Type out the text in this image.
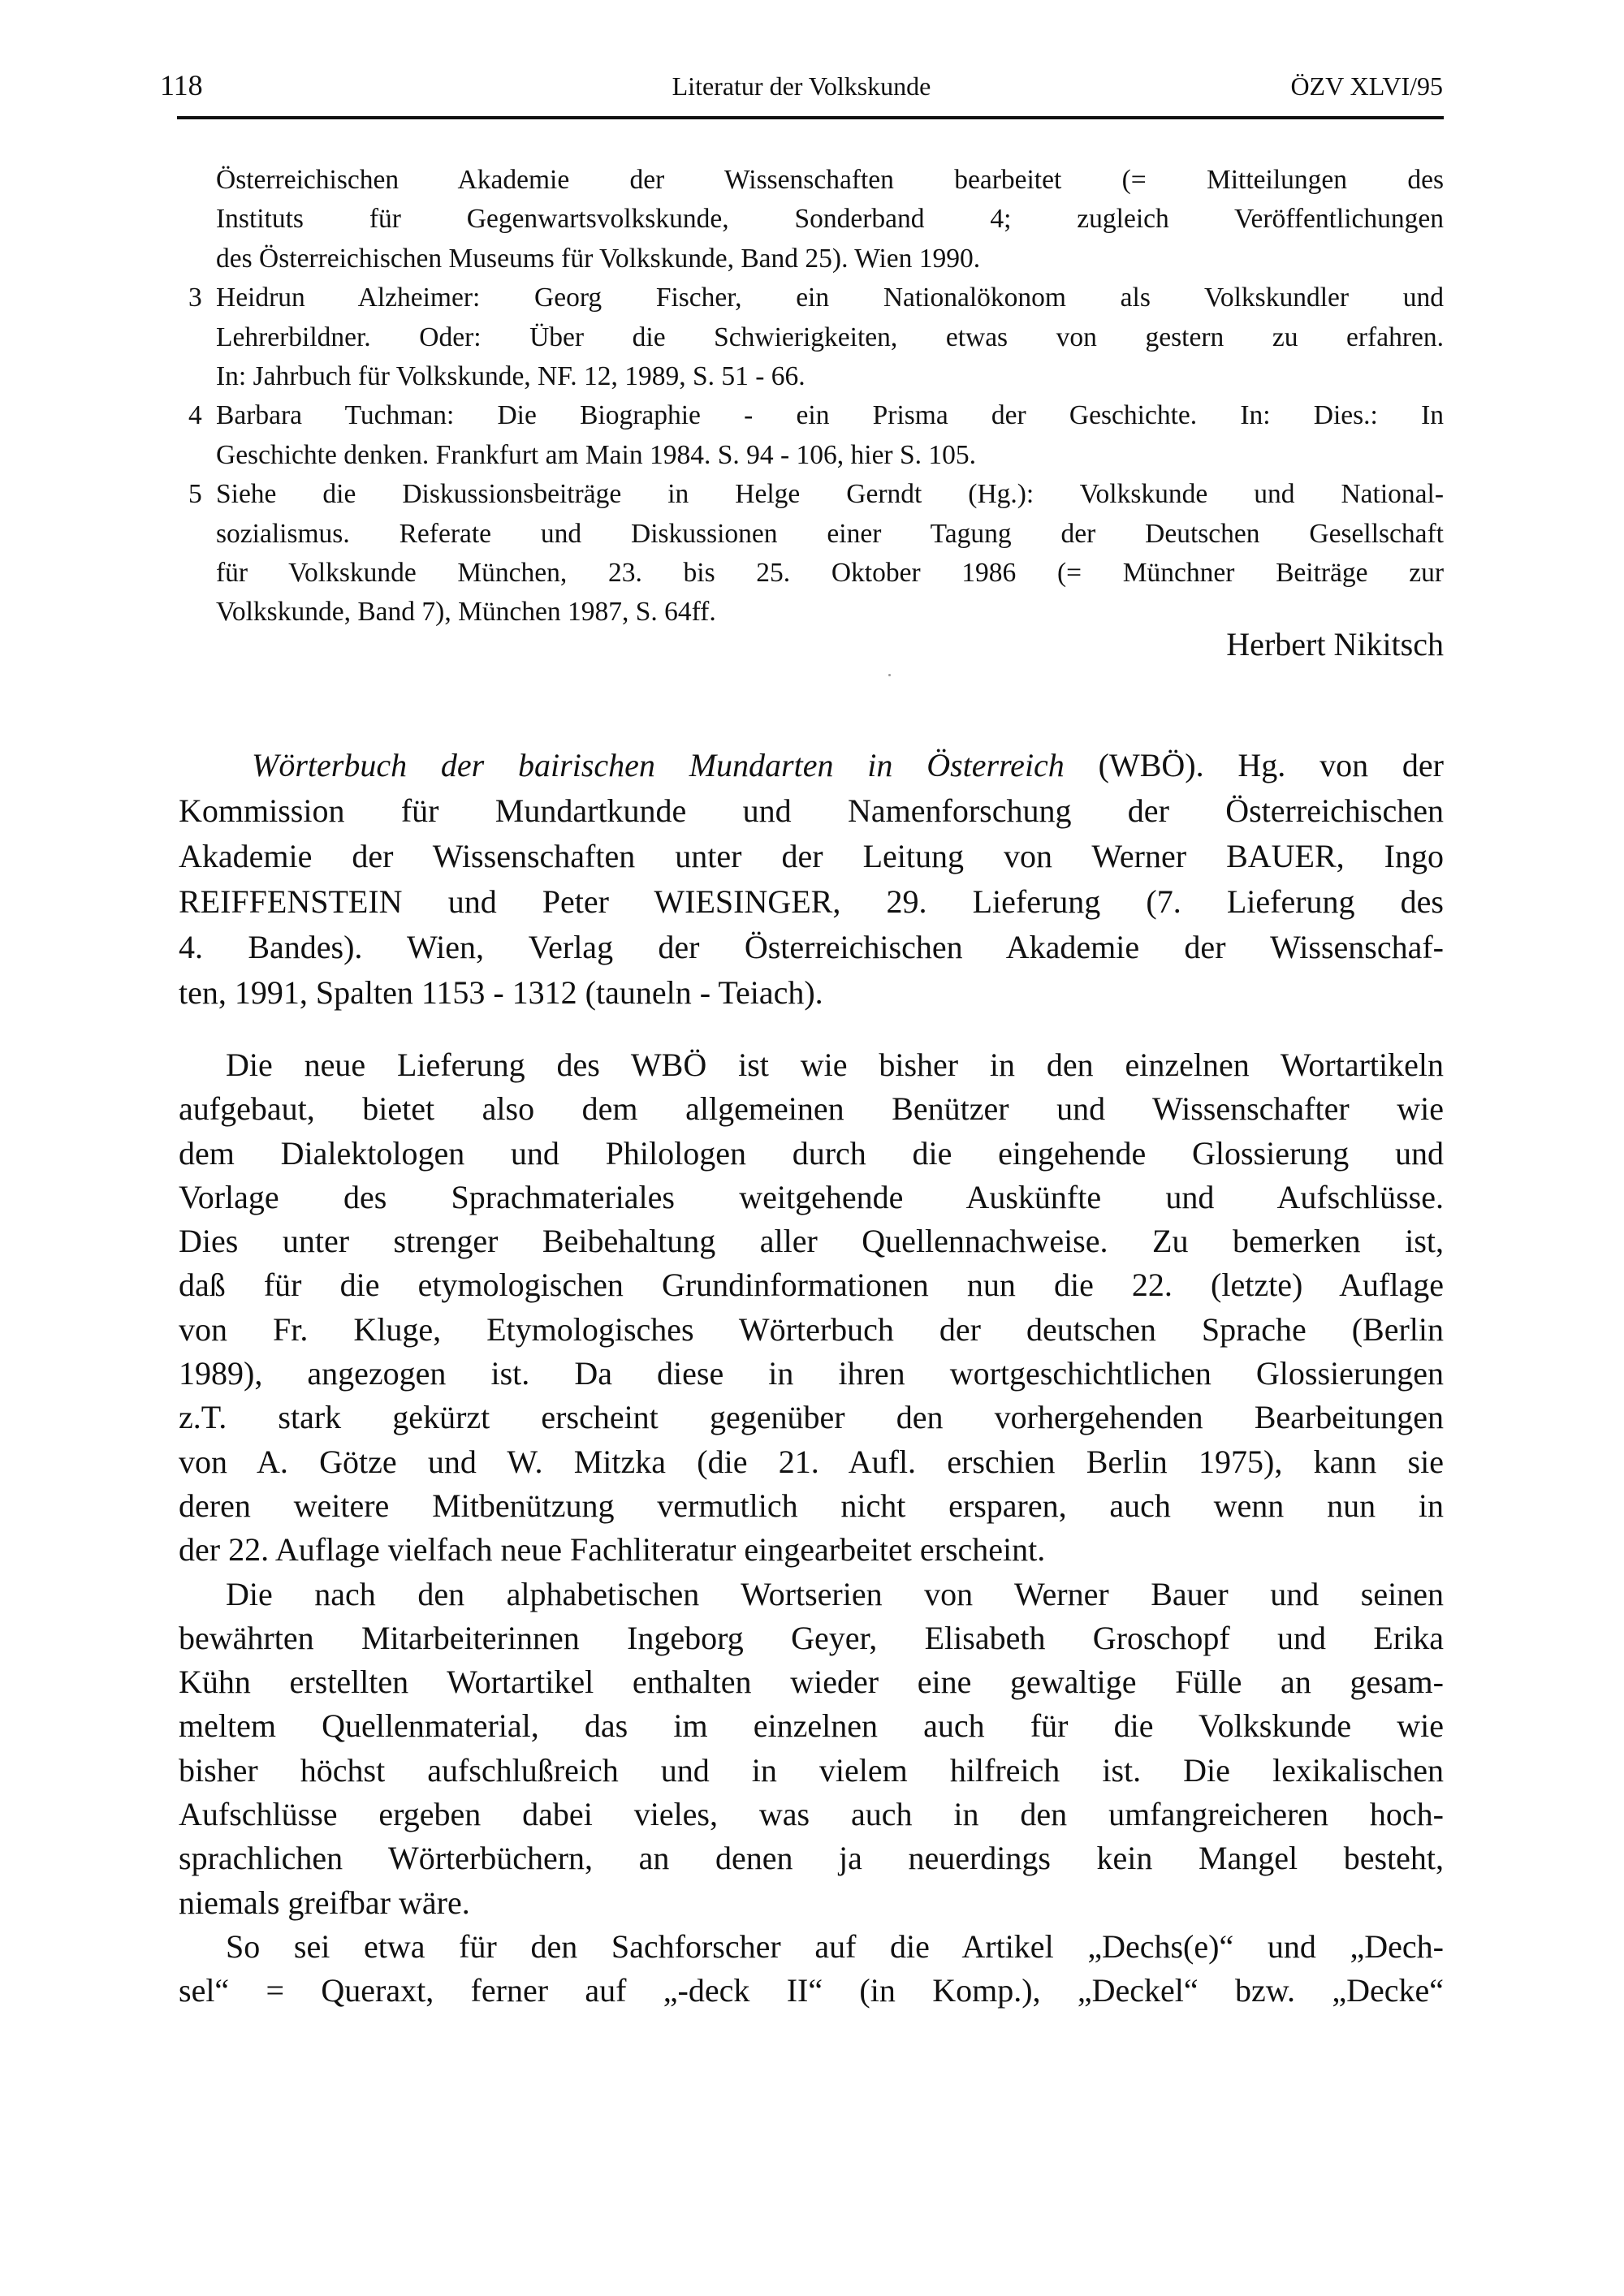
118	Literatur der Volkskunde	ÖZV XLVI/95
Österreichischen Akademie der Wissenschaften bearbeitet (= Mitteilungen des
Instituts für Gegenwartsvolkskunde, Sonderband 4; zugleich Veröffentlichungen
des Österreichischen Museums für Volkskunde, Band 25). Wien 1990.
3 Heidrun Alzheimer: Georg Fischer, ein Nationalökonom als Volkskundler und
Lehrerbildner. Oder: Über die Schwierigkeiten, etwas von gestern zu erfahren.
In: Jahrbuch für Volkskunde, NF. 12, 1989, S. 51 - 66.
4 Barbara Tuchman: Die Biographie - ein Prisma der Geschichte. In: Dies.: In
Geschichte denken. Frankfurt am Main 1984. S. 94 - 106, hier S. 105.
5 Siehe die Diskussionsbeiträge in Helge Gerndt (Hg.): Volkskunde und National-
sozialismus. Referate und Diskussionen einer Tagung der Deutschen Gesellschaft
für Volkskunde München, 23. bis 25. Oktober 1986 (= Münchner Beiträge zur
Volkskunde, Band 7), München 1987, S. 64ff.
Herbert Nikitsch
Wörterbuch der bairischen Mundarten in Österreich (WBÖ). Hg. von der
Kommission für Mundartkunde und Namenforschung der Österreichischen
Akademie der Wissenschaften unter der Leitung von Werner BAUER, Ingo
REIFFENSTEIN und Peter WIESINGER, 29. Lieferung (7. Lieferung des
4. Bandes). Wien, Verlag der Österreichischen Akademie der Wissenschaf-
ten, 1991, Spalten 1153 - 1312 (tauneln - Teiach).
Die neue Lieferung des WBÖ ist wie bisher in den einzelnen Wortartikeln
aufgebaut, bietet also dem allgemeinen Benützer und Wissenschafter wie
dem Dialektologen und Philologen durch die eingehende Glossierung und
Vorlage des Sprachmateriales weitgehende Auskünfte und Aufschlüsse.
Dies unter strenger Beibehaltung aller Quellennachweise. Zu bemerken ist,
daß für die etymologischen Grundinformationen nun die 22. (letzte) Auflage
von Fr. Kluge, Etymologisches Wörterbuch der deutschen Sprache (Berlin
1989), angezogen ist. Da diese in ihren wortgeschichtlichen Glossierungen
z.T. stark gekürzt erscheint gegenüber den vorhergehenden Bearbeitungen
von A. Götze und W. Mitzka (die 21. Aufl. erschien Berlin 1975), kann sie
deren weitere Mitbenützung vermutlich nicht ersparen, auch wenn nun in
der 22. Auflage vielfach neue Fachliteratur eingearbeitet erscheint.
Die nach den alphabetischen Wortserien von Werner Bauer und seinen
bewährten Mitarbeiterinnen Ingeborg Geyer, Elisabeth Groschopf und Erika
Kühn erstellten Wortartikel enthalten wieder eine gewaltige Fülle an gesam-
meltem Quellenmaterial, das im einzelnen auch für die Volkskunde wie
bisher höchst aufschlußreich und in vielem hilfreich ist. Die lexikalischen
Aufschlüsse ergeben dabei vieles, was auch in den umfangreicheren hoch-
sprachlichen Wörterbüchern, an denen ja neuerdings kein Mangel besteht,
niemals greifbar wäre.
So sei etwa für den Sachforscher auf die Artikel „Dechs(e)“ und „Dech-
sel“ = Queraxt, ferner auf „-deck II“ (in Komp.), „Deckel“ bzw. „Decke“
